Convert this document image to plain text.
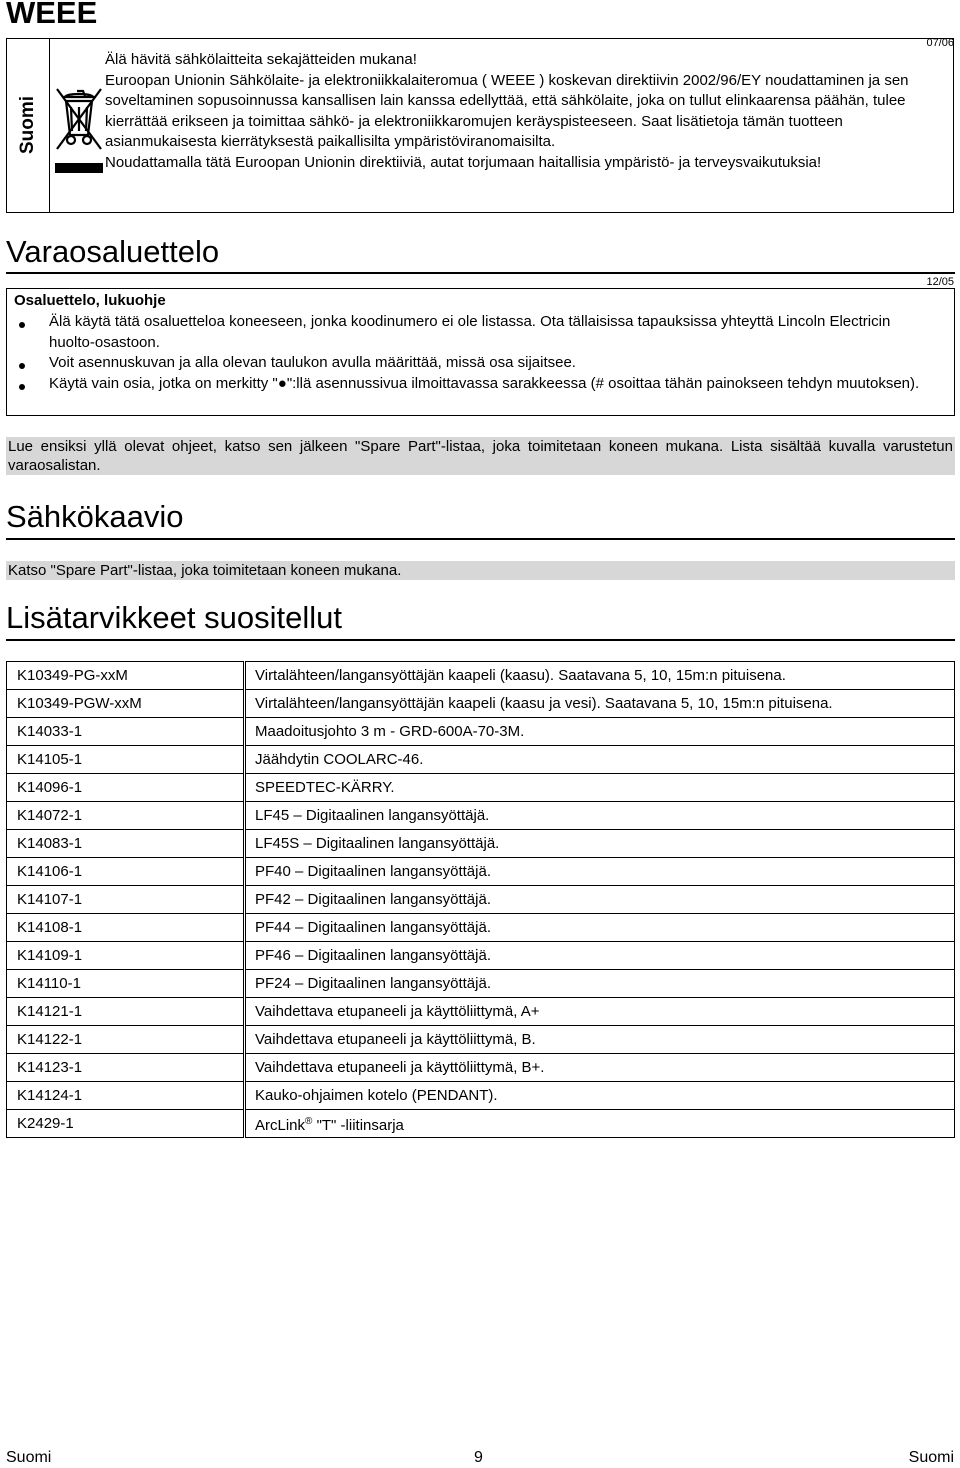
WEEE
07/06
Suomi

Älä hävitä sähkölaitteita sekajätteiden mukana!

Euroopan Unionin Sähkölaite- ja elektroniikkalaiteromua ( WEEE ) koskevan direktiivin 2002/96/EY noudattaminen ja sen soveltaminen sopusoinnussa kansallisen lain kanssa edellyttää, että sähkölaite, joka on tullut elinkaarensa päähän, tulee kierrättää erikseen ja toimittaa sähkö- ja elektroniikkaromujen keräyspisteeseen. Saat lisätietoja tämän tuotteen asianmukaisesta kierrätyksestä paikallisilta ympäristöviranomaisilta.

Noudattamalla tätä Euroopan Unionin direktiiviä, autat torjumaan haitallisia ympäristö- ja terveysvaikutuksia!

Varaosaluettelo
12/05
Osaluettelo, lukuohje
Älä käytä tätä osaluetteloa koneeseen, jonka koodinumero ei ole listassa. Ota tällaisissa tapauksissa yhteyttä Lincoln Electricin huolto-osastoon.
Voit asennuskuvan ja alla olevan taulukon avulla määrittää, missä osa sijaitsee.
Käytä vain osia, jotka on merkitty "●":llä asennussivua ilmoittavassa sarakkeessa (# osoittaa tähän painokseen tehdyn muutoksen).
Lue ensiksi yllä olevat ohjeet, katso sen jälkeen "Spare Part"-listaa, joka toimitetaan koneen mukana. Lista sisältää kuvalla varustetun varaosalistan.
Sähkökaavio
Katso "Spare Part"-listaa, joka toimitetaan koneen mukana.
Lisätarvikkeet suositellut
K10349-PG-xxM		Virtalähteen/langansyöttäjän kaapeli (kaasu). Saatavana 5, 10, 15m:n pituisena.
K10349-PGW-xxM		Virtalähteen/langansyöttäjän kaapeli (kaasu ja vesi). Saatavana 5, 10, 15m:n pituisena.
K14033-1		Maadoitusjohto 3 m - GRD-600A-70-3M.
K14105-1		Jäähdytin COOLARC-46.
K14096-1		SPEEDTEC-KÄRRY.
K14072-1		LF45 – Digitaalinen langansyöttäjä.
K14083-1		LF45S – Digitaalinen langansyöttäjä.
K14106-1		PF40 – Digitaalinen langansyöttäjä.
K14107-1		PF42 – Digitaalinen langansyöttäjä.
K14108-1		PF44 – Digitaalinen langansyöttäjä.
K14109-1		PF46 – Digitaalinen langansyöttäjä.
K14110-1		PF24 – Digitaalinen langansyöttäjä.
K14121-1		Vaihdettava etupaneeli ja käyttöliittymä, A+
K14122-1		Vaihdettava etupaneeli ja käyttöliittymä, B.
K14123-1		Vaihdettava etupaneeli ja käyttöliittymä, B+.
K14124-1		Kauko-ohjaimen kotelo (PENDANT).
K2429-1		ArcLink® "T" -liitinsarja
Suomi	9	Suomi
